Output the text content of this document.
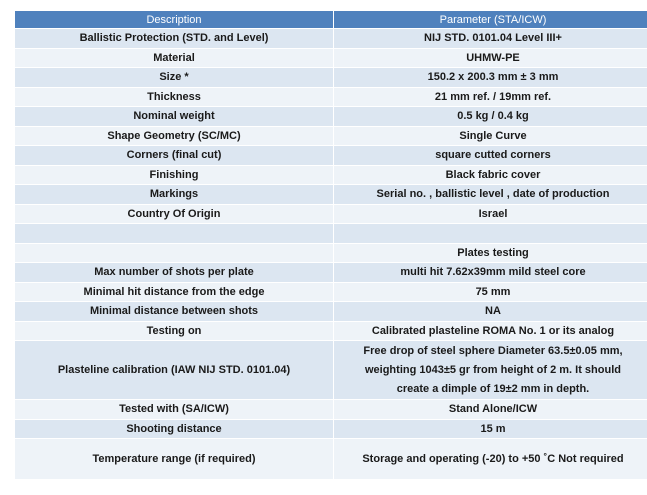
Description	Parameter (STA/ICW)
Ballistic Protection (STD. and Level)	NIJ STD. 0101.04 Level III+
Material	UHMW-PE
Size *	150.2 x 200.3 mm ± 3 mm
Thickness	21 mm ref. / 19mm ref.
Nominal weight	0.5 kg / 0.4 kg
Shape Geometry (SC/MC)	Single Curve
Corners (final cut)	square cutted corners
Finishing	Black fabric cover
Markings	Serial no. , ballistic level , date of production
Country Of Origin	Israel

	Plates testing
Max number of shots per plate	multi hit 7.62x39mm mild steel core
Minimal hit distance from the edge	75 mm
Minimal distance between shots	NA
Testing on	Calibrated plasteline ROMA No. 1 or its analog
Plasteline calibration (IAW NIJ STD. 0101.04)	Free drop of steel sphere Diameter 63.5±0.05 mm,
weighting 1043±5 gr from height of 2 m. It should
create a dimple of 19±2 mm in depth.

Tested with (SA/ICW)	Stand Alone/ICW
Shooting distance	15 m
Temperature range (if required)	Storage and operating (-20) to +50 ˚C Not required
